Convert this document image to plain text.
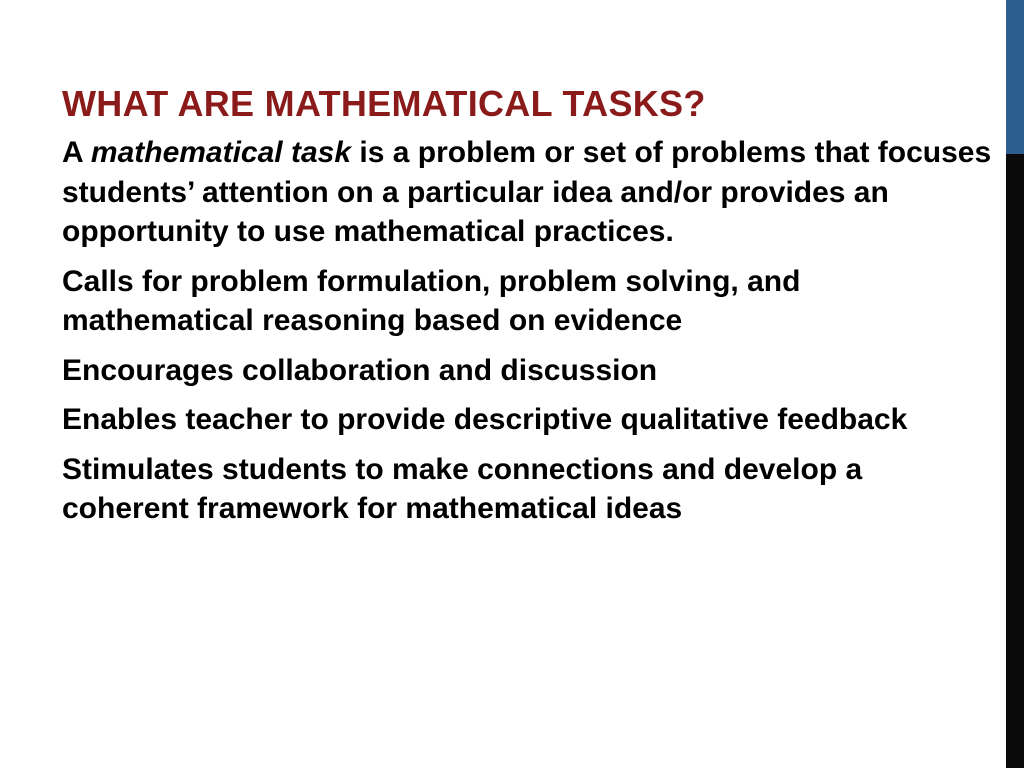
WHAT ARE MATHEMATICAL TASKS?
A mathematical task is a problem or set of problems that focuses students’ attention on a particular idea and/or provides an opportunity to use mathematical practices.
Calls for problem formulation, problem solving, and mathematical reasoning based on evidence
Encourages collaboration and discussion
Enables teacher to provide descriptive qualitative feedback
Stimulates students to make connections and develop a coherent framework for mathematical ideas
